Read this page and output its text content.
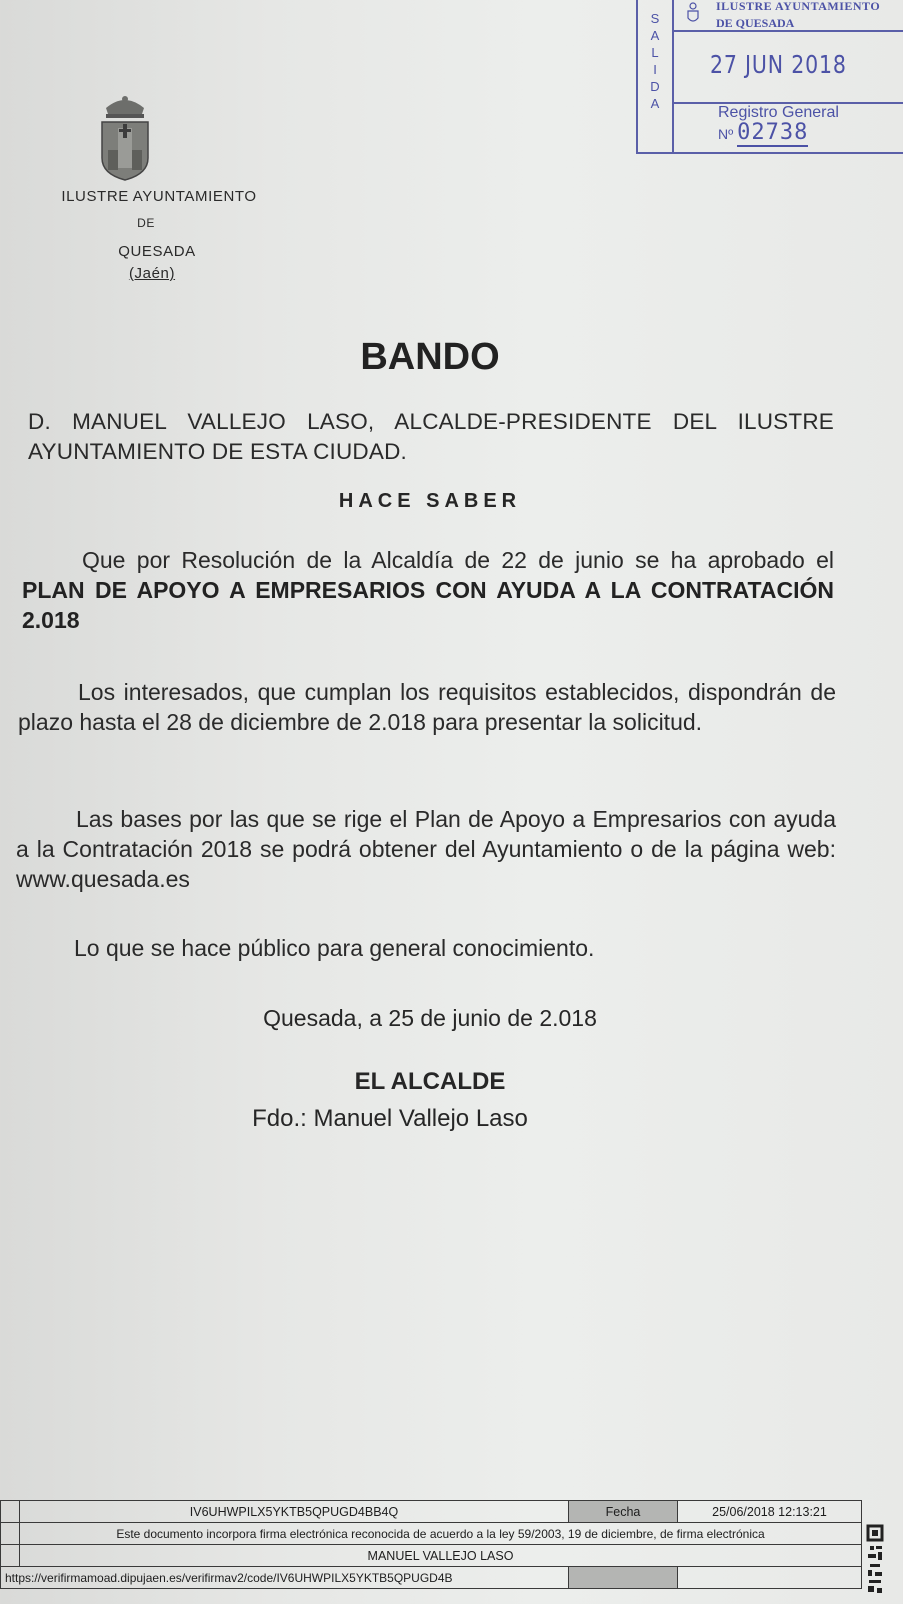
S
A
L
I
D
A
ILUSTRE AYUNTAMIENTO
DE QUESADA
27 JUN 2018
Registro General
Nº 02738
ILUSTRE AYUNTAMIENTO
DE
QUESADA
(Jaén)
BANDO
D. MANUEL VALLEJO LASO, ALCALDE-PRESIDENTE DEL ILUSTRE AYUNTAMIENTO DE ESTA CIUDAD.
HACE SABER
Que por Resolución de la Alcaldía de 22 de junio se ha aprobado el PLAN DE APOYO A EMPRESARIOS CON AYUDA A LA CONTRATACIÓN 2.018
Los interesados, que cumplan los requisitos establecidos, dispondrán de plazo hasta el 28 de diciembre de 2.018 para presentar la solicitud.
Las bases por las que se rige el Plan de Apoyo a Empresarios con ayuda a la Contratación 2018 se podrá obtener del Ayuntamiento o de la página web: www.quesada.es
Lo que se hace público para general conocimiento.
Quesada, a 25 de junio de 2.018
EL ALCALDE
Fdo.: Manuel Vallejo Laso
	IV6UHWPILX5YKTB5QPUGD4BB4Q	Fecha	25/06/2018 12:13:21
	Este documento incorpora firma electrónica reconocida de acuerdo a la ley 59/2003, 19 de diciembre, de firma electrónica		
	MANUEL VALLEJO LASO		
https://verifirmamoad.dipujaen.es/verifirmav2/code/IV6UHWPILX5YKTB5QPUGD4B			
